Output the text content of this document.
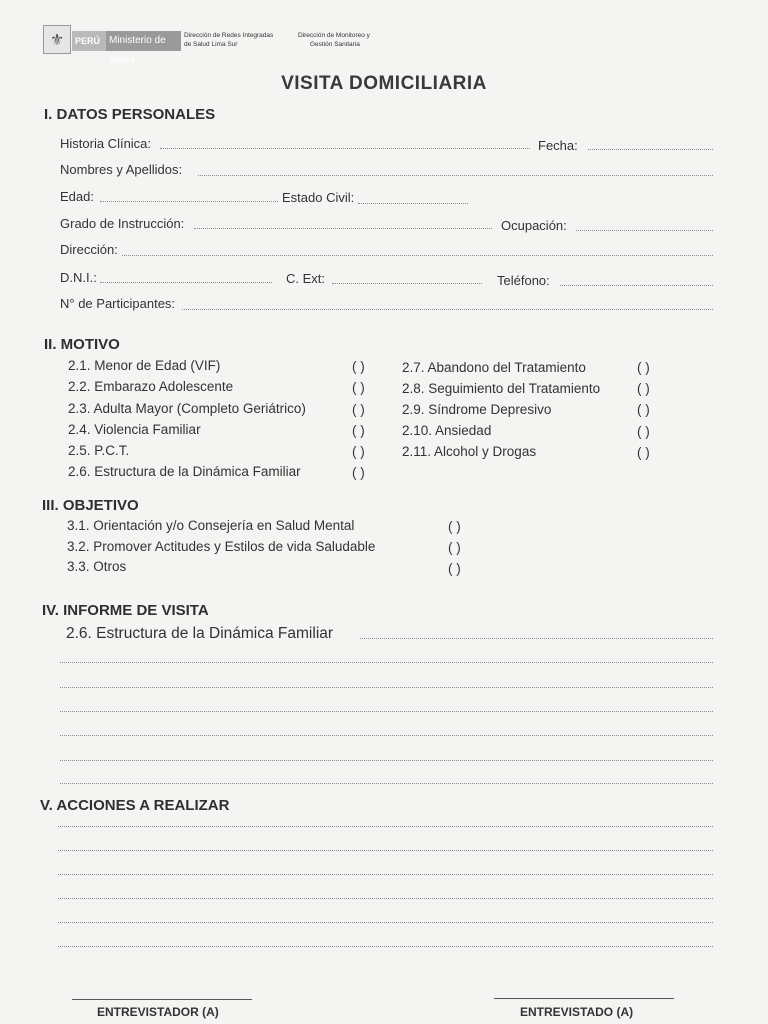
⚜	PERÚ Ministerio de Salud
Dirección de Redes Integradas
de Salud Lima Sur
Dirección de Monitoreo y
Gestión Sanitaria
VISITA DOMICILIARIA
I. DATOS PERSONALES
Historia Clínica:	Fecha:
Nombres y Apellidos:
Edad:	Estado Civil:
Grado de Instrucción:	Ocupación:
Dirección:
D.N.I.:	C. Ext:	Teléfono:
N° de Participantes:
II. MOTIVO
2.1. Menor de Edad (VIF)	( )
2.2. Embarazo Adolescente	( )
2.3. Adulta Mayor (Completo Geriátrico)	( )
2.4. Violencia Familiar	( )
2.5. P.C.T.	( )
2.6. Estructura de la Dinámica Familiar	( )
2.7. Abandono del Tratamiento	( )
2.8. Seguimiento del Tratamiento	( )
2.9. Síndrome Depresivo	( )
2.10. Ansiedad	( )
2.11. Alcohol y Drogas	( )
III. OBJETIVO
3.1. Orientación y/o Consejería en Salud Mental	( )
3.2. Promover Actitudes y Estilos de vida Saludable	( )
3.3. Otros	( )
IV. INFORME DE VISITA
2.6. Estructura de la Dinámica Familiar
V. ACCIONES A REALIZAR
ENTREVISTADOR (A)	ENTREVISTADO (A)
